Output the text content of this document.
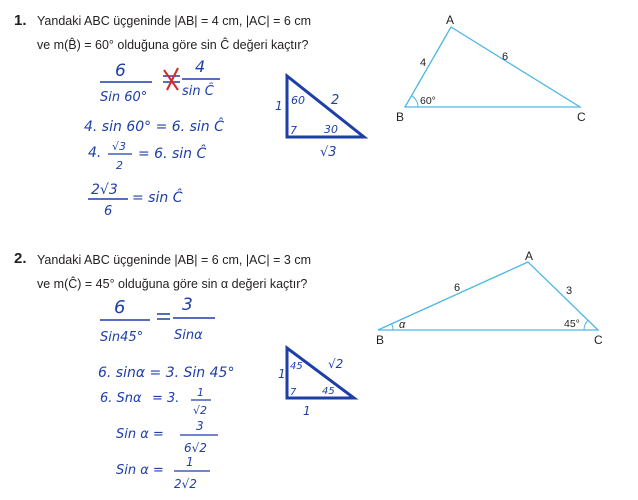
1. Yandaki ABC üçgeninde |AB| = 4 cm, |AC| = 6 cm
ve m(B̂) = 60° olduğuna göre sin Ĉ değeri kaçtır?
2. Yandaki ABC üçgeninde |AB| = 6 cm, |AC| = 3 cm
ve m(Ĉ) = 45° olduğuna göre sin α değeri kaçtır?
A
B	C
4	6
60°
6
Sin 60°
4
sin Ĉ
4. sin 60° = 6. sin Ĉ
4. √3
2
= 6. sin Ĉ
2√3
6
= sin Ĉ
1	2
√3
60
30
7
A
B	C
6	3
45°
α
6
Sin45°
3
Sinα
6. sinα = 3. Sin 45°
6. Snα = 3. 1
√2
Sin α =
3
6√2
Sin α =
1
2√2
1
√2
1
45
45
7
